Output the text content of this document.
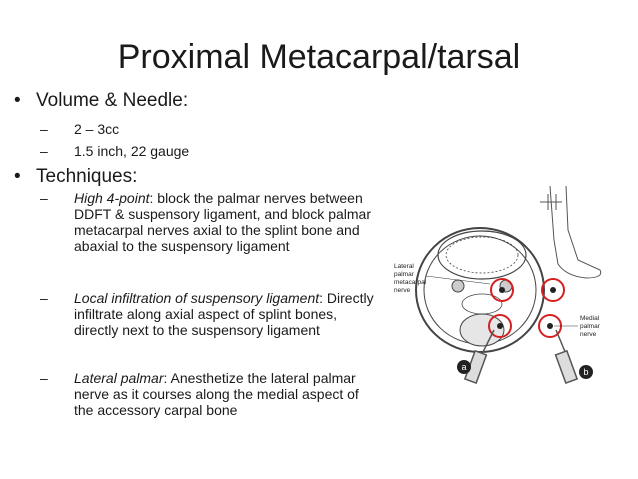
Proximal Metacarpal/tarsal
• Volume & Needle:
– 2 – 3cc
– 1.5 inch, 22 gauge
• Techniques:
– High 4-point: block the palmar nerves between DDFT & suspensory ligament, and block palmar metacarpal nerves axial to the splint bone and abaxial to the suspensory ligament
– Local infiltration of suspensory ligament: Directly infiltrate along axial aspect of splint bones, directly next to the suspensory ligament
– Lateral palmar: Anesthetize the lateral palmar nerve as it courses along the medial aspect of the accessory carpal bone
Lateral palmar metacarpal nerve
Medial palmar nerve
a	b
